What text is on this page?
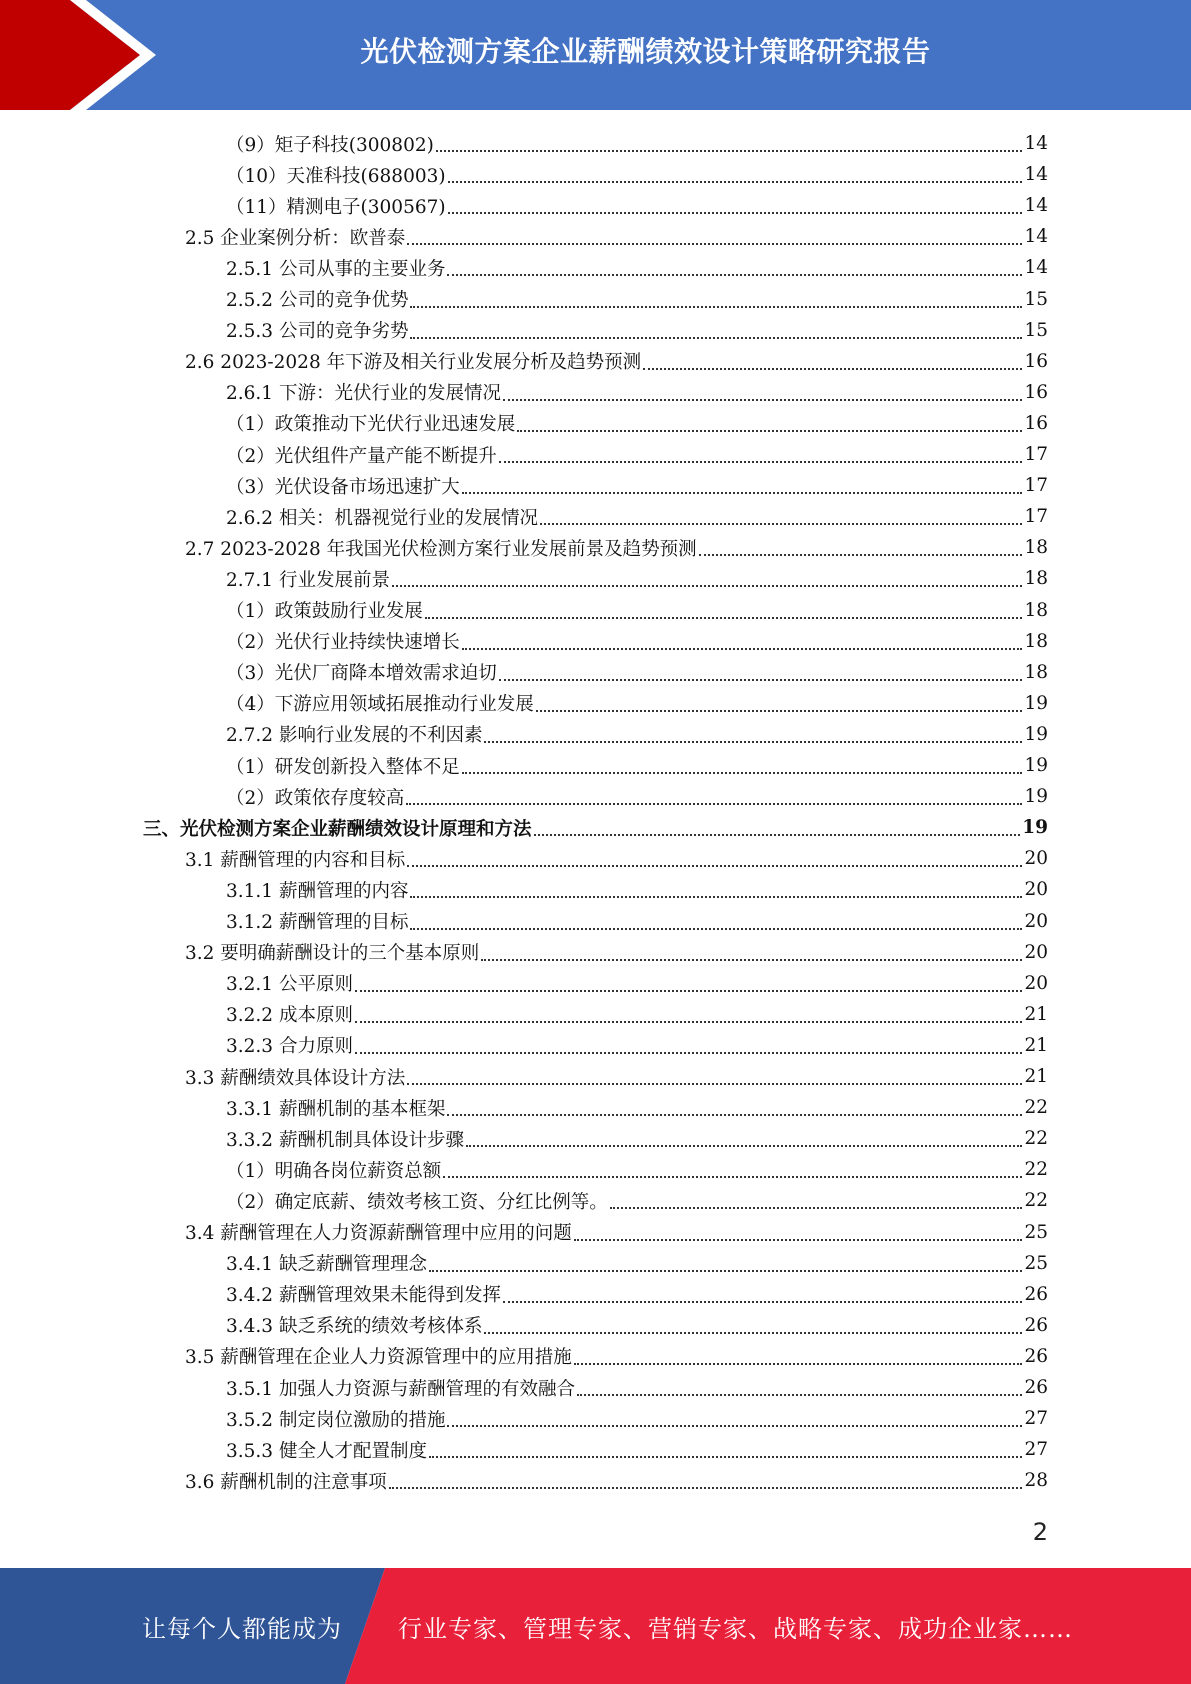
光伏检测方案企业薪酬绩效设计策略研究报告
（9）矩子科技(300802)	14
（10）天准科技(688003)	14
（11）精测电子(300567)	14
2.5 企业案例分析：欧普泰	14
2.5.1 公司从事的主要业务	14
2.5.2 公司的竞争优势	15
2.5.3 公司的竞争劣势	15
2.6 2023-2028 年下游及相关行业发展分析及趋势预测	16
2.6.1 下游：光伏行业的发展情况	16
（1）政策推动下光伏行业迅速发展	16
（2）光伏组件产量产能不断提升	17
（3）光伏设备市场迅速扩大	17
2.6.2 相关：机器视觉行业的发展情况	17
2.7 2023-2028 年我国光伏检测方案行业发展前景及趋势预测	18
2.7.1 行业发展前景	18
（1）政策鼓励行业发展	18
（2）光伏行业持续快速增长	18
（3）光伏厂商降本增效需求迫切	18
（4）下游应用领域拓展推动行业发展	19
2.7.2 影响行业发展的不利因素	19
（1）研发创新投入整体不足	19
（2）政策依存度较高	19
三、光伏检测方案企业薪酬绩效设计原理和方法	19
3.1 薪酬管理的内容和目标	20
3.1.1 薪酬管理的内容	20
3.1.2 薪酬管理的目标	20
3.2 要明确薪酬设计的三个基本原则	20
3.2.1 公平原则	20
3.2.2 成本原则	21
3.2.3 合力原则	21
3.3 薪酬绩效具体设计方法	21
3.3.1 薪酬机制的基本框架	22
3.3.2 薪酬机制具体设计步骤	22
（1）明确各岗位薪资总额	22
（2）确定底薪、绩效考核工资、分红比例等。	22
3.4 薪酬管理在人力资源薪酬管理中应用的问题	25
3.4.1 缺乏薪酬管理理念	25
3.4.2 薪酬管理效果未能得到发挥	26
3.4.3 缺乏系统的绩效考核体系	26
3.5 薪酬管理在企业人力资源管理中的应用措施	26
3.5.1 加强人力资源与薪酬管理的有效融合	26
3.5.2 制定岗位激励的措施	27
3.5.3 健全人才配置制度	27
3.6 薪酬机制的注意事项	28
2
让每个人都能成为 行业专家、管理专家、营销专家、战略专家、成功企业家……
